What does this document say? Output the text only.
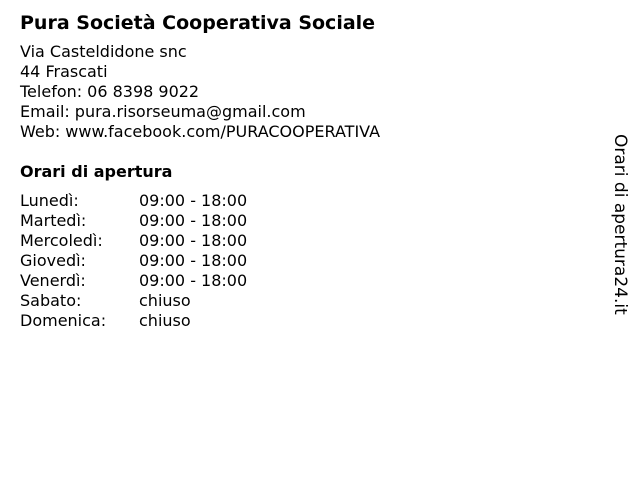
Pura Società Cooperativa Sociale
Via Casteldidone snc
44 Frascati
Telefon: 06 8398 9022
Email: pura.risorseuma@gmail.com
Web: www.facebook.com/PURACOOPERATIVA
Orari di apertura
Lunedì:	09:00 - 18:00
Martedì:	09:00 - 18:00
Mercoledì:	09:00 - 18:00
Giovedì:	09:00 - 18:00
Venerdì:	09:00 - 18:00
Sabato:	chiuso
Domenica:	chiuso
Orari di apertura24.it
